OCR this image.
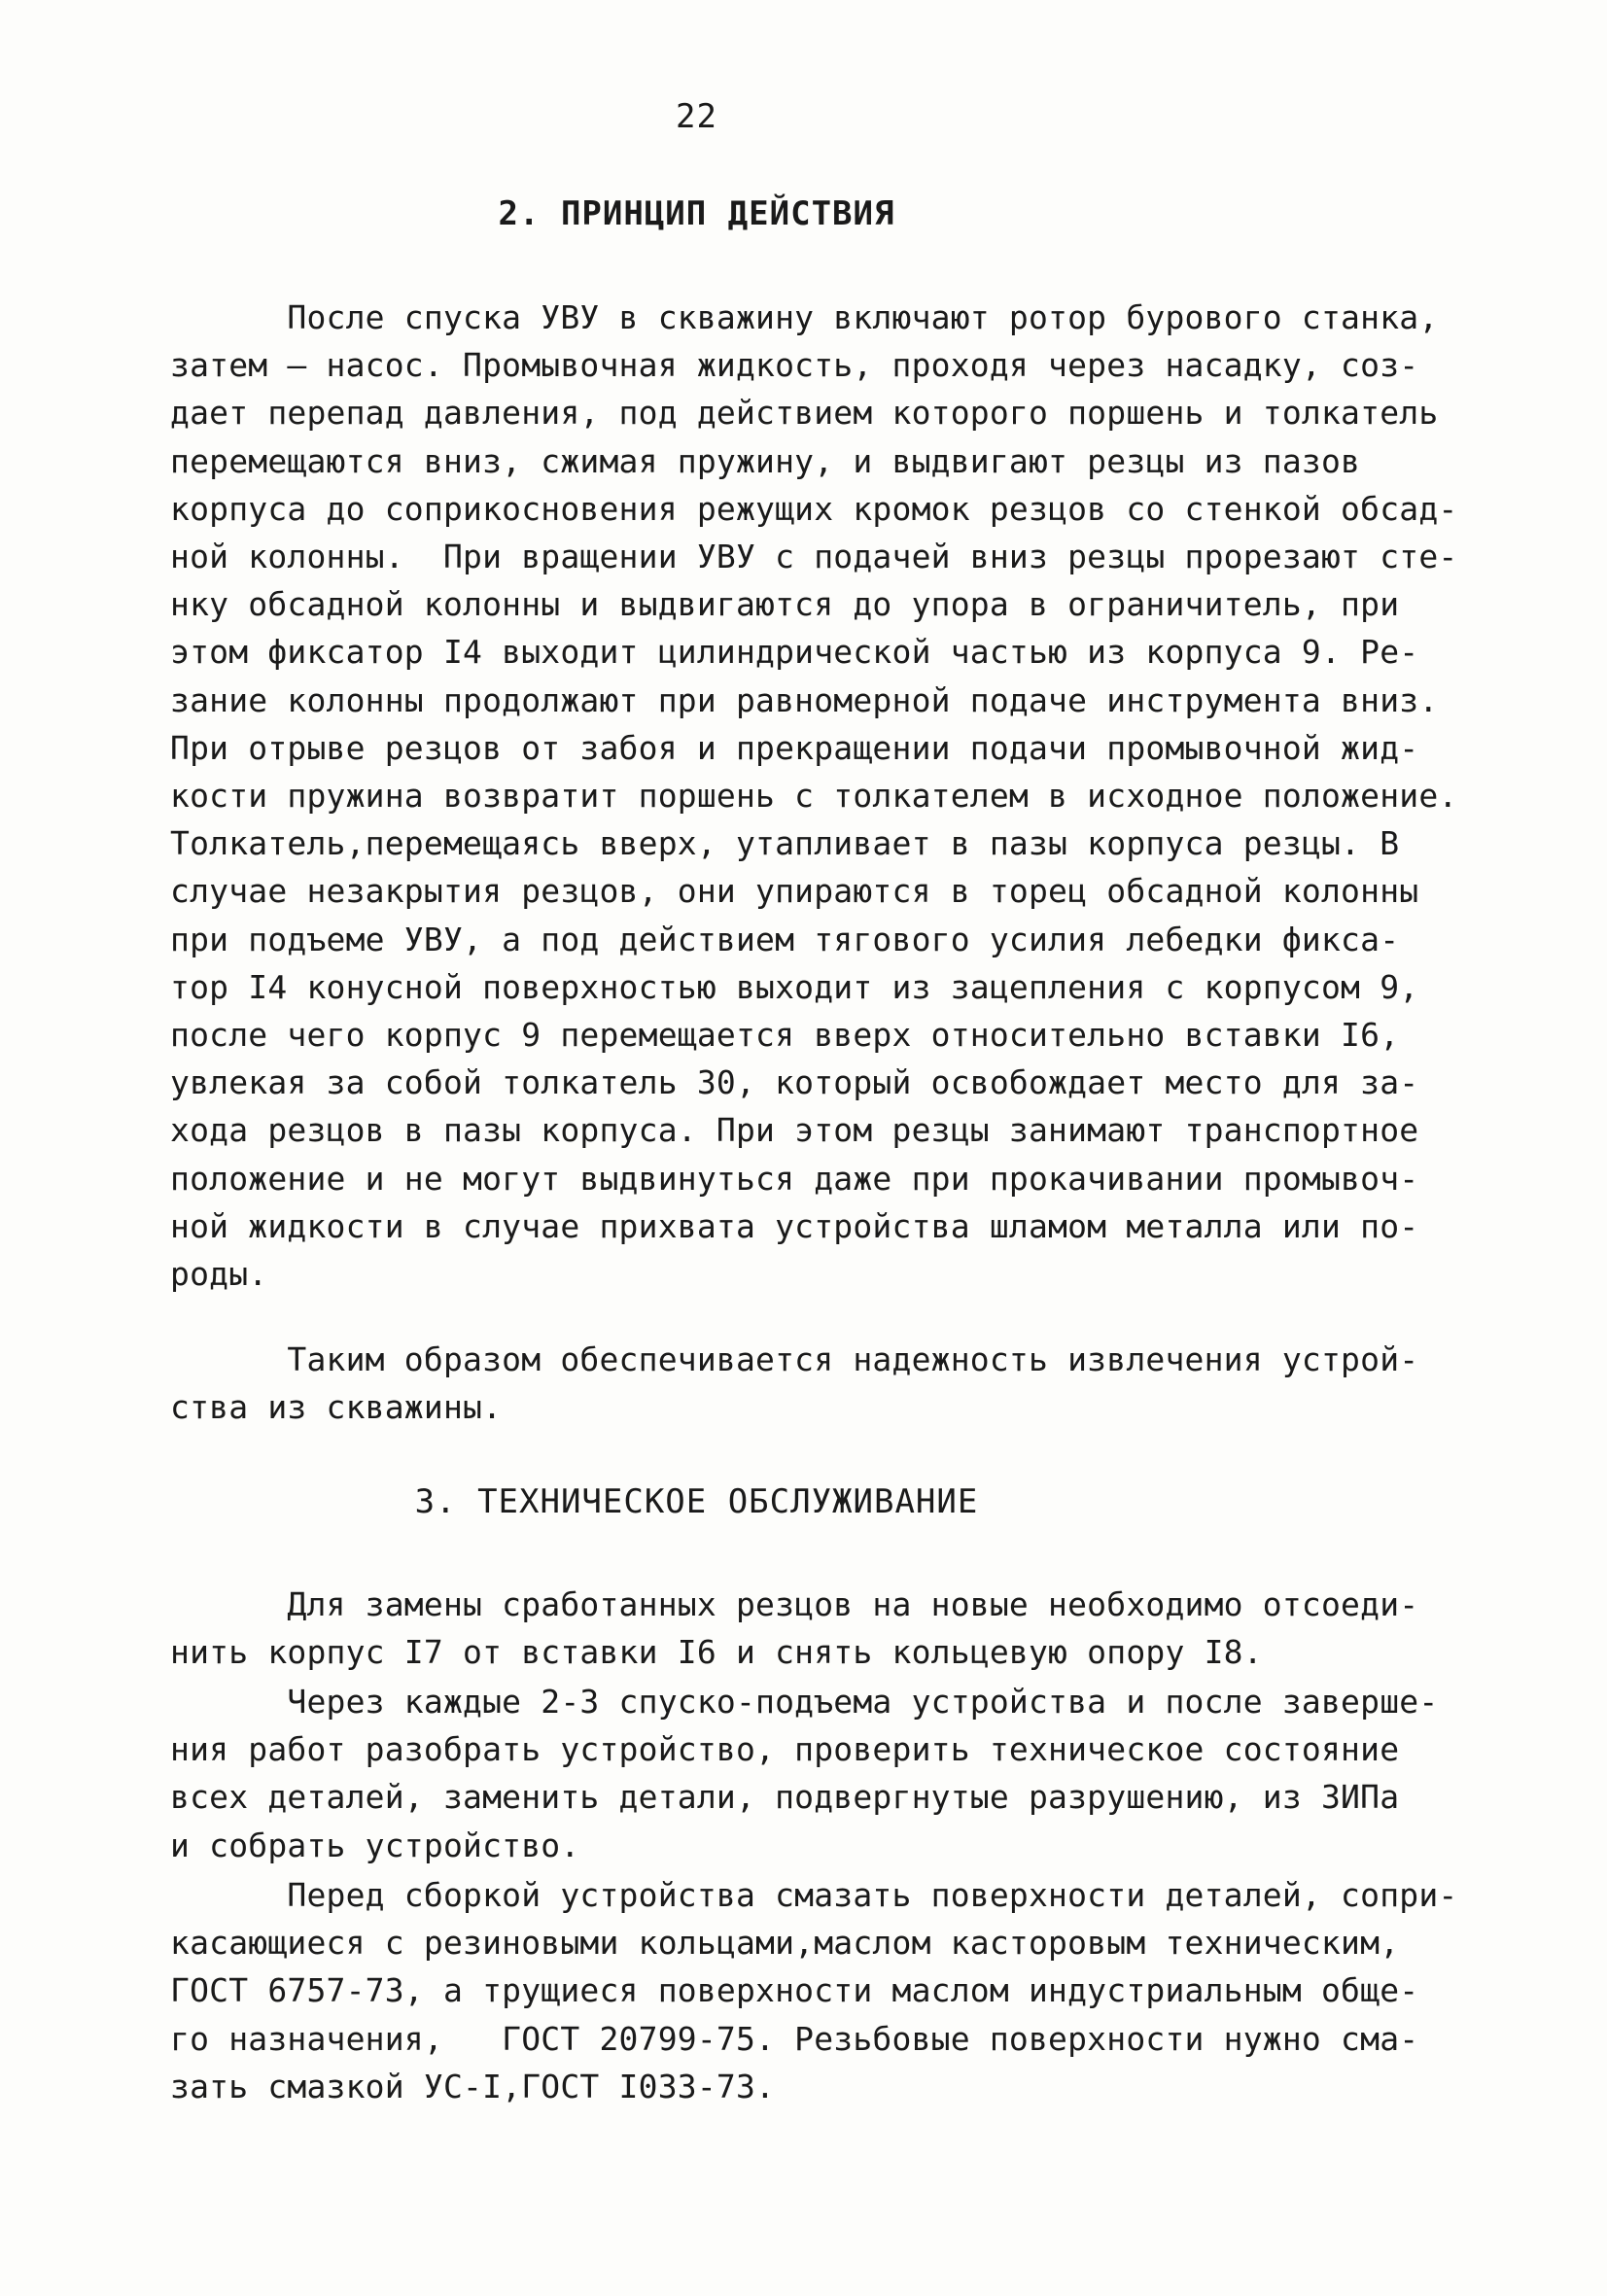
22
2. ПРИНЦИП ДЕЙСТВИЯ
После спуска УВУ в скважину включают ротор бурового станка,
затем – насос. Промывочная жидкость, проходя через насадку, соз-
дает перепад давления, под действием которого поршень и толкатель
перемещаются вниз, сжимая пружину, и выдвигают резцы из пазов
корпуса до соприкосновения режущих кромок резцов со стенкой обсад-
ной колонны.  При вращении УВУ с подачей вниз резцы прорезают сте-
нку обсадной колонны и выдвигаются до упора в ограничитель, при
этом фиксатор I4 выходит цилиндрической частью из корпуса 9. Ре-
зание колонны продолжают при равномерной подаче инструмента вниз.
При отрыве резцов от забоя и прекращении подачи промывочной жид-
кости пружина возвратит поршень с толкателем в исходное положение.
Толкатель,перемещаясь вверх, утапливает в пазы корпуса резцы. В
случае незакрытия резцов, они упираются в торец обсадной колонны
при подъеме УВУ, а под действием тягового усилия лебедки фикса-
тор I4 конусной поверхностью выходит из зацепления с корпусом 9,
после чего корпус 9 перемещается вверх относительно вставки I6,
увлекая за собой толкатель 30, который освобождает место для за-
хода резцов в пазы корпуса. При этом резцы занимают транспортное
положение и не могут выдвинуться даже при прокачивании промывоч-
ной жидкости в случае прихвата устройства шламом металла или по-
роды.
Таким образом обеспечивается надежность извлечения устрой-
ства из скважины.
3. ТЕХНИЧЕСКОЕ ОБСЛУЖИВАНИЕ
Для замены сработанных резцов на новые необходимо отсоеди-
нить корпус I7 от вставки I6 и снять кольцевую опору I8.
Через каждые 2-3 спуско-подъема устройства и после заверше-
ния работ разобрать устройство, проверить техническое состояние
всех деталей, заменить детали, подвергнутые разрушению, из ЗИПа
и собрать устройство.
Перед сборкой устройства смазать поверхности деталей, сопри-
касающиеся с резиновыми кольцами,маслом касторовым техническим,
ГОСТ 6757-73, а трущиеся поверхности маслом индустриальным обще-
го назначения,   ГОСТ 20799-75. Резьбовые поверхности нужно сма-
зать смазкой УС-I,ГОСТ I033-73.
